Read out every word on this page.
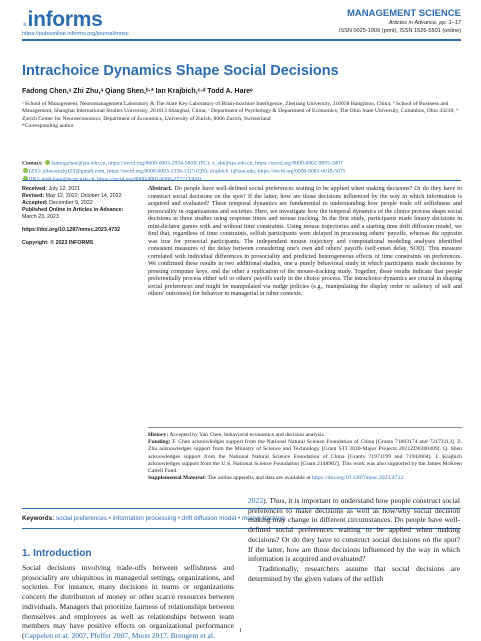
.informs
https://pubsonline.informs.org/journal/mnsc
MANAGEMENT SCIENCE
Articles in Advance, pp. 1–17
ISSN 0025-1909 (print), ISSN 1526-5501 (online)
Intrachoice Dynamics Shape Social Decisions
Fadong Chen,ᵃ Zhi Zhu,ᵃ Qiang Shen,ᵇ·* Ian Krajbich,ᶜ·ᵈ Todd A. Hareᵉ

ᵃ School of Management, Neuromanagement Laboratory & The State Key Laboratory of Brain-machine Intelligence, Zhejiang University, 310058 Hangzhou, China; ᵇ School of Business and Management, Shanghai International Studies University, 201613 Shanghai, China; ᶜ Department of Psychology & Department of Economics, The Ohio State University, Columbus, Ohio 43210; ᵈ Zurich Center for Neuroeconomics, Department of Economics, University of Zurich, 8006 Zurich, Switzerland

*Corresponding author

Contact: fadongchen@zju.edu.cn, https://orcid.org/0000-0003-3934-580X (FC); z_zhi@zju.edu.cn, https://orcid.org/0000-0002-9893-3807
(ZZ); johnsonzhj123@gmail.com, https://orcid.org/0000-0003-1330-1315 (QS); krajbich.1@osu.edu, https://orcid.org/0000-0001-6618-5675
Received: July 12, 2021
Revised: May 12, 2022; October 14, 2022
Accepted: December 9, 2022
Published Online in Articles in Advance:
March 23, 2023
https://doi.org/10.1287/mnsc.2023.4732
Copyright: © 2023 INFORMS
Abstract. Do people have well-defined social preferences waiting to be applied when making decisions? Or do they have to construct social decisions on the spot? If the latter, how are those decisions influenced by the way in which information is acquired and evaluated? These temporal dynamics are fundamental to understanding how people trade off selfishness and prosociality in organizations and societies. Here, we investigate how the temporal dynamics of the choice process shape social decisions in three studies using response times and mouse tracking. In the first study, participants made binary decisions in mini-dictator games with and without time constraints. Using mouse trajectories and a starting time drift diffusion model, we find that, regardless of time constraints, selfish participants were delayed in processing others' payoffs, whereas the opposite was true for prosocial participants. The independent mouse trajectory and computational modeling analyses identified consistent measures of the delay between considering one's own and others' payoffs (self-onset delay, SOD). This measure correlated with individual differences in prosociality and predicted heterogeneous effects of time constraints on preferences. We confirmed these results in two additional studies, one a purely behavioral study in which participants made decisions by pressing computer keys, and the other a replication of the mouse-tracking study. Together, these results indicate that people preferentially process either self or others' payoffs early in the choice process. The intrachoice dynamics are crucial in shaping social preferences and might be manipulated via nudge policies (e.g., manipulating the display order or saliency of self and others' outcomes) for behavior in managerial or other contexts.
History: Accepted by Yan Chen, behavioral economics and decision analysis.
Funding: F. Chen acknowledges support from the National Natural Science Foundation of China [Grants 71803174 and 72173113]. Z. Zhu acknowledges support from the Ministry of Science and Technology [Grant STI 2030-Major Projects 2021ZD0200409]. Q. Shen acknowledges support from the National Natural Science Foundation of China [Grants 71971199 and 71942004]. I. Krajbich acknowledges support from the U.S. National Science Foundation [Grant 2148982]. This work was also supported by the James McKeen Cattell Fund.
Supplemental Material: The online appendix and data are available at https://doi.org/10.1287/mnsc.2023.4732.
Keywords: social preferences • information processing • drift diffusion model • mouse tracking
1. Introduction

Social decisions involving trade-offs between selfishness and prosociality are ubiquitous in managerial settings, organizations, and societies. For instance, many decisions in teams or organizations concern the distribution of money or other scarce resources between individuals. Managers that prioritize fairness of relationships between themselves and employees as well as relationships between team members may have positive effects on organizational performance (Cappelen et al. 2007, Pfeffer 2007, Moon 2017, Breugem et al.

2022). Thus, it is important to understand how people construct social preferences to make decisions as well as how/why social decision making may change in different circumstances. Do people have well-defined social preferences waiting to be applied when making decisions? Or do they have to construct social decisions on the spot? If the latter, how are those decisions influenced by the way in which information is acquired and evaluated?

Traditionally, researchers assume that social decisions are determined by the given values of the selfish

1
